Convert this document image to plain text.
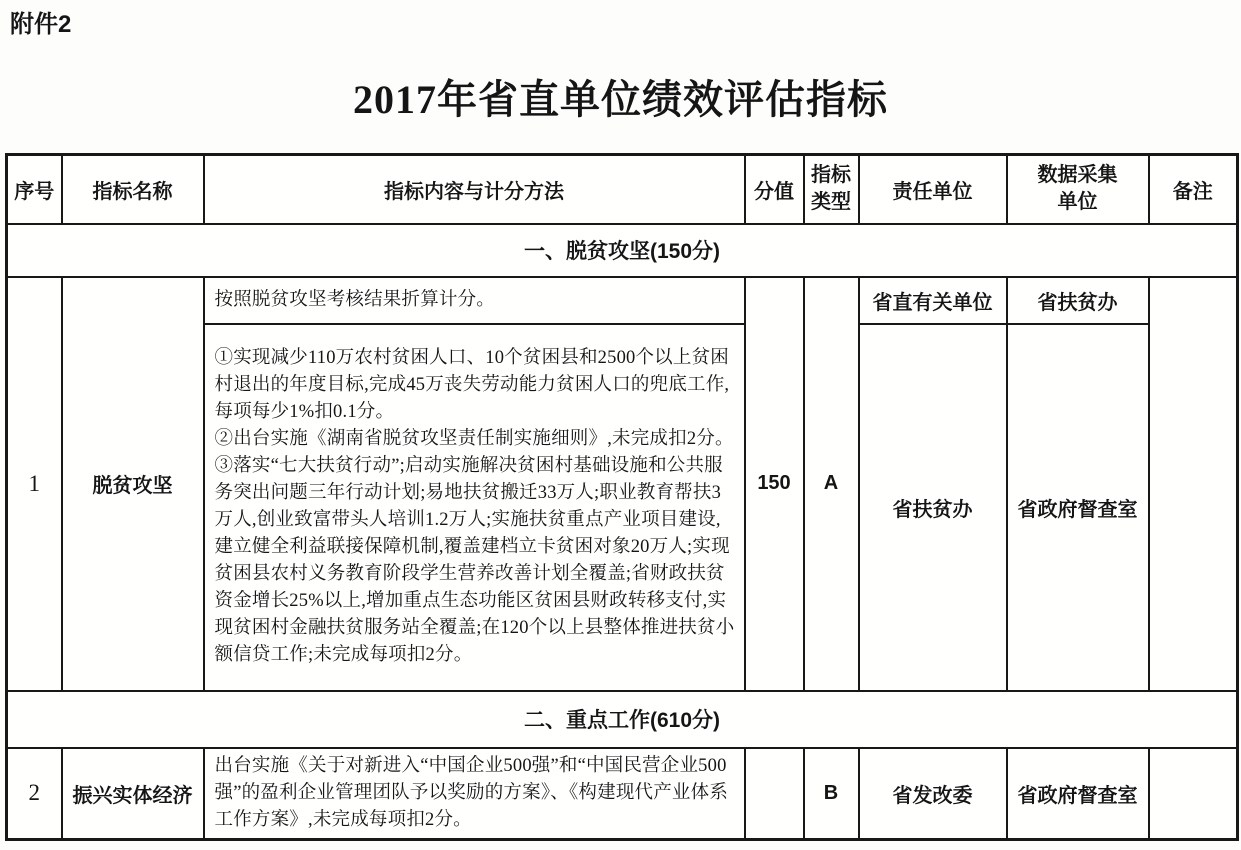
附件2
2017年省直单位绩效评估指标
序号	指标名称	指标内容与计分方法	分值	指标类型	责任单位	数据采集单位	备注
一、脱贫攻坚(150分)							
1	脱贫攻坚	按照脱贫攻坚考核结果折算计分。	150	A	省直有关单位	省扶贫办	

		①实现减少110万农村贫困人口、10个贫困县和2500个以上贫困村退出的年度目标,完成45万丧失劳动能力贫困人口的兜底工作,每项每少1%扣0.1分。
②出台实施《湖南省脱贫攻坚责任制实施细则》,未完成扣2分。
③落实“七大扶贫行动”;启动实施解决贫困村基础设施和公共服务突出问题三年行动计划;易地扶贫搬迁33万人;职业教育帮扶3万人,创业致富带头人培训1.2万人;实施扶贫重点产业项目建设,建立健全利益联接保障机制,覆盖建档立卡贫困对象20万人;实现贫困县农村义务教育阶段学生营养改善计划全覆盖;省财政扶贫资金增长25%以上,增加重点生态功能区贫困县财政转移支付,实现贫困村金融扶贫服务站全覆盖;在120个以上县整体推进扶贫小额信贷工作;未完成每项扣2分。			省扶贫办	省政府督查室	
二、重点工作(610分)							
2	振兴实体经济	出台实施《关于对新进入“中国企业500强”和“中国民营企业500强”的盈利企业管理团队予以奖励的方案》、《构建现代产业体系工作方案》,未完成每项扣2分。		B	省发改委	省政府督查室	
